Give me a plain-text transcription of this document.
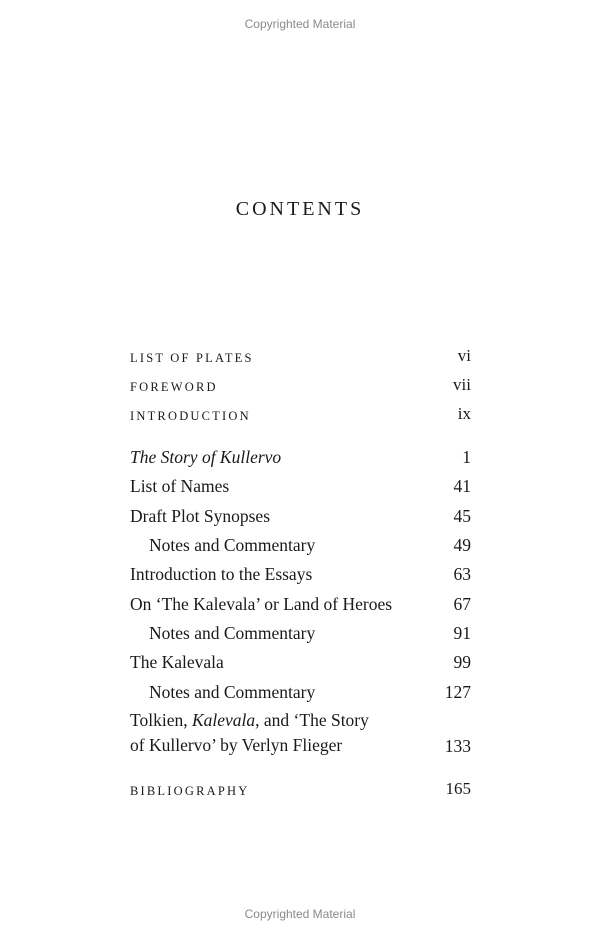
Copyrighted Material
CONTENTS
LIST OF PLATES	vi
FOREWORD	vii
INTRODUCTION	ix
The Story of Kullervo	1
List of Names	41
Draft Plot Synopses	45
Notes and Commentary	49
Introduction to the Essays	63
On ‘The Kalevala’ or Land of Heroes	67
Notes and Commentary	91
The Kalevala	99
Notes and Commentary	127
Tolkien, Kalevala, and ‘The Story
of Kullervo’ by Verlyn Flieger	133
BIBLIOGRAPHY	165
Copyrighted Material
